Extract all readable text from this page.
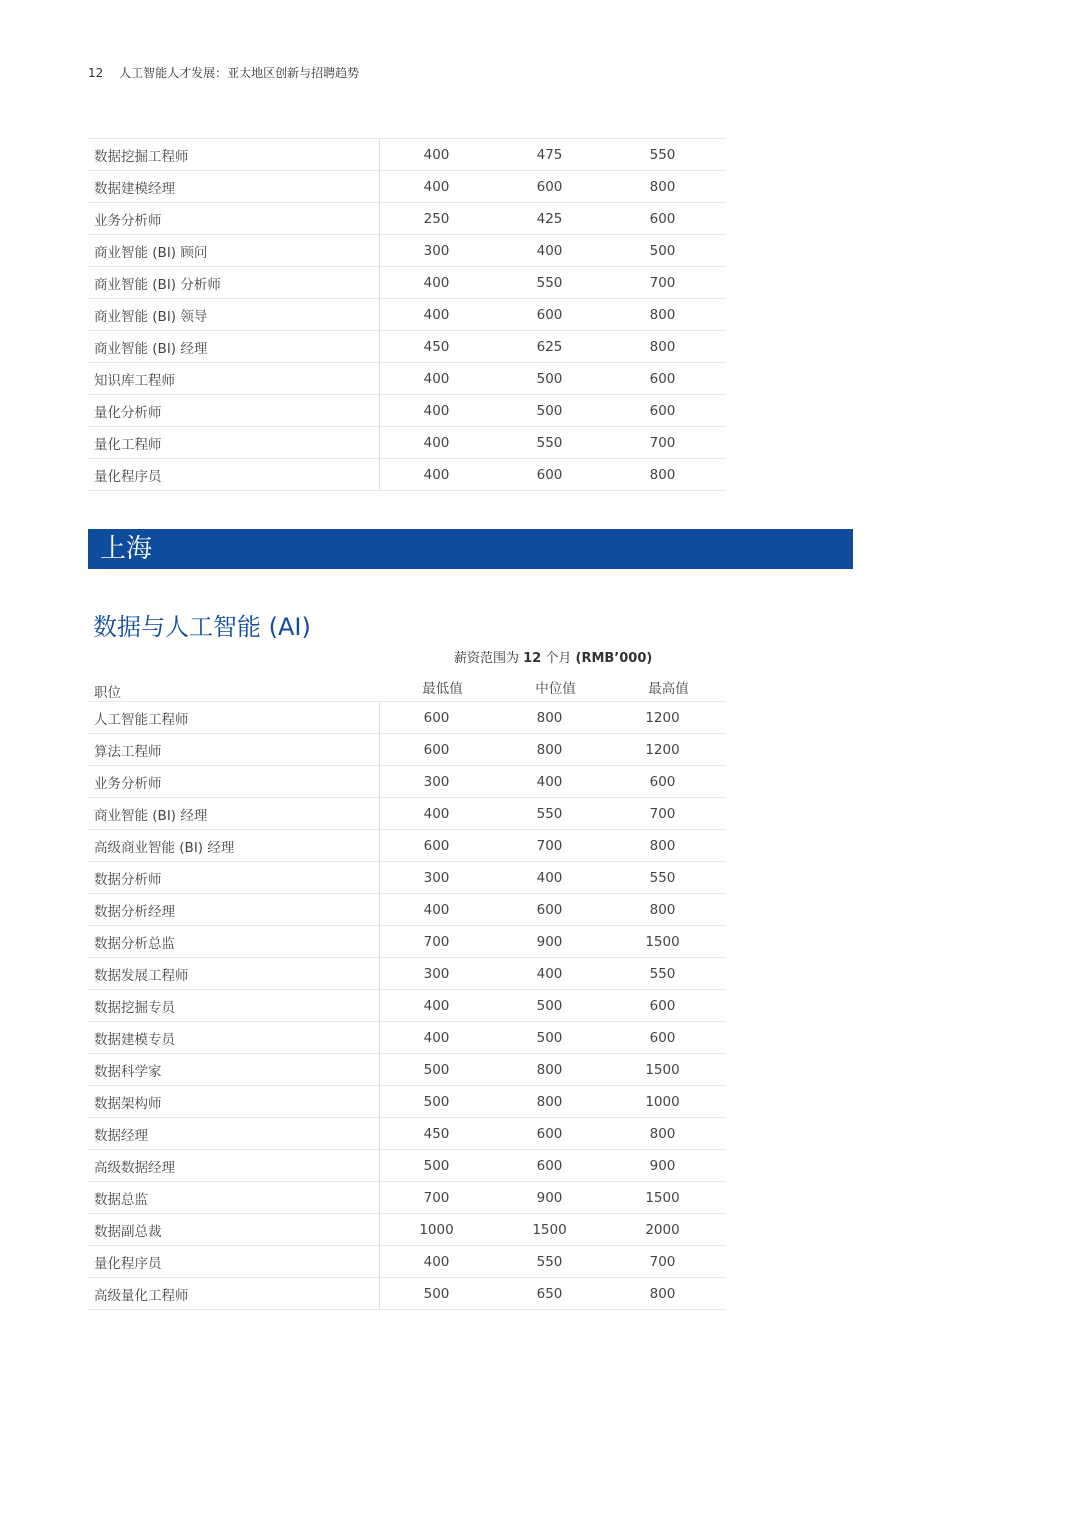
12 人工智能人才发展：亚太地区创新与招聘趋势
数据挖掘工程师	400	475	550
数据建模经理	400	600	800
业务分析师	250	425	600
商业智能 (BI) 顾问	300	400	500
商业智能 (BI) 分析师	400	550	700
商业智能 (BI) 领导	400	600	800
商业智能 (BI) 经理	450	625	800
知识库工程师	400	500	600
量化分析师	400	500	600
量化工程师	400	550	700
量化程序员	400	600	800
上海
数据与人工智能 (AI)
薪资范围为 12 个月 (RMB’000)
职位	最低值	中位值	最高值
人工智能工程师	600	800	1200
算法工程师	600	800	1200
业务分析师	300	400	600
商业智能 (BI) 经理	400	550	700
高级商业智能 (BI) 经理	600	700	800
数据分析师	300	400	550
数据分析经理	400	600	800
数据分析总监	700	900	1500
数据发展工程师	300	400	550
数据挖掘专员	400	500	600
数据建模专员	400	500	600
数据科学家	500	800	1500
数据架构师	500	800	1000
数据经理	450	600	800
高级数据经理	500	600	900
数据总监	700	900	1500
数据副总裁	1000	1500	2000
量化程序员	400	550	700
高级量化工程师	500	650	800
